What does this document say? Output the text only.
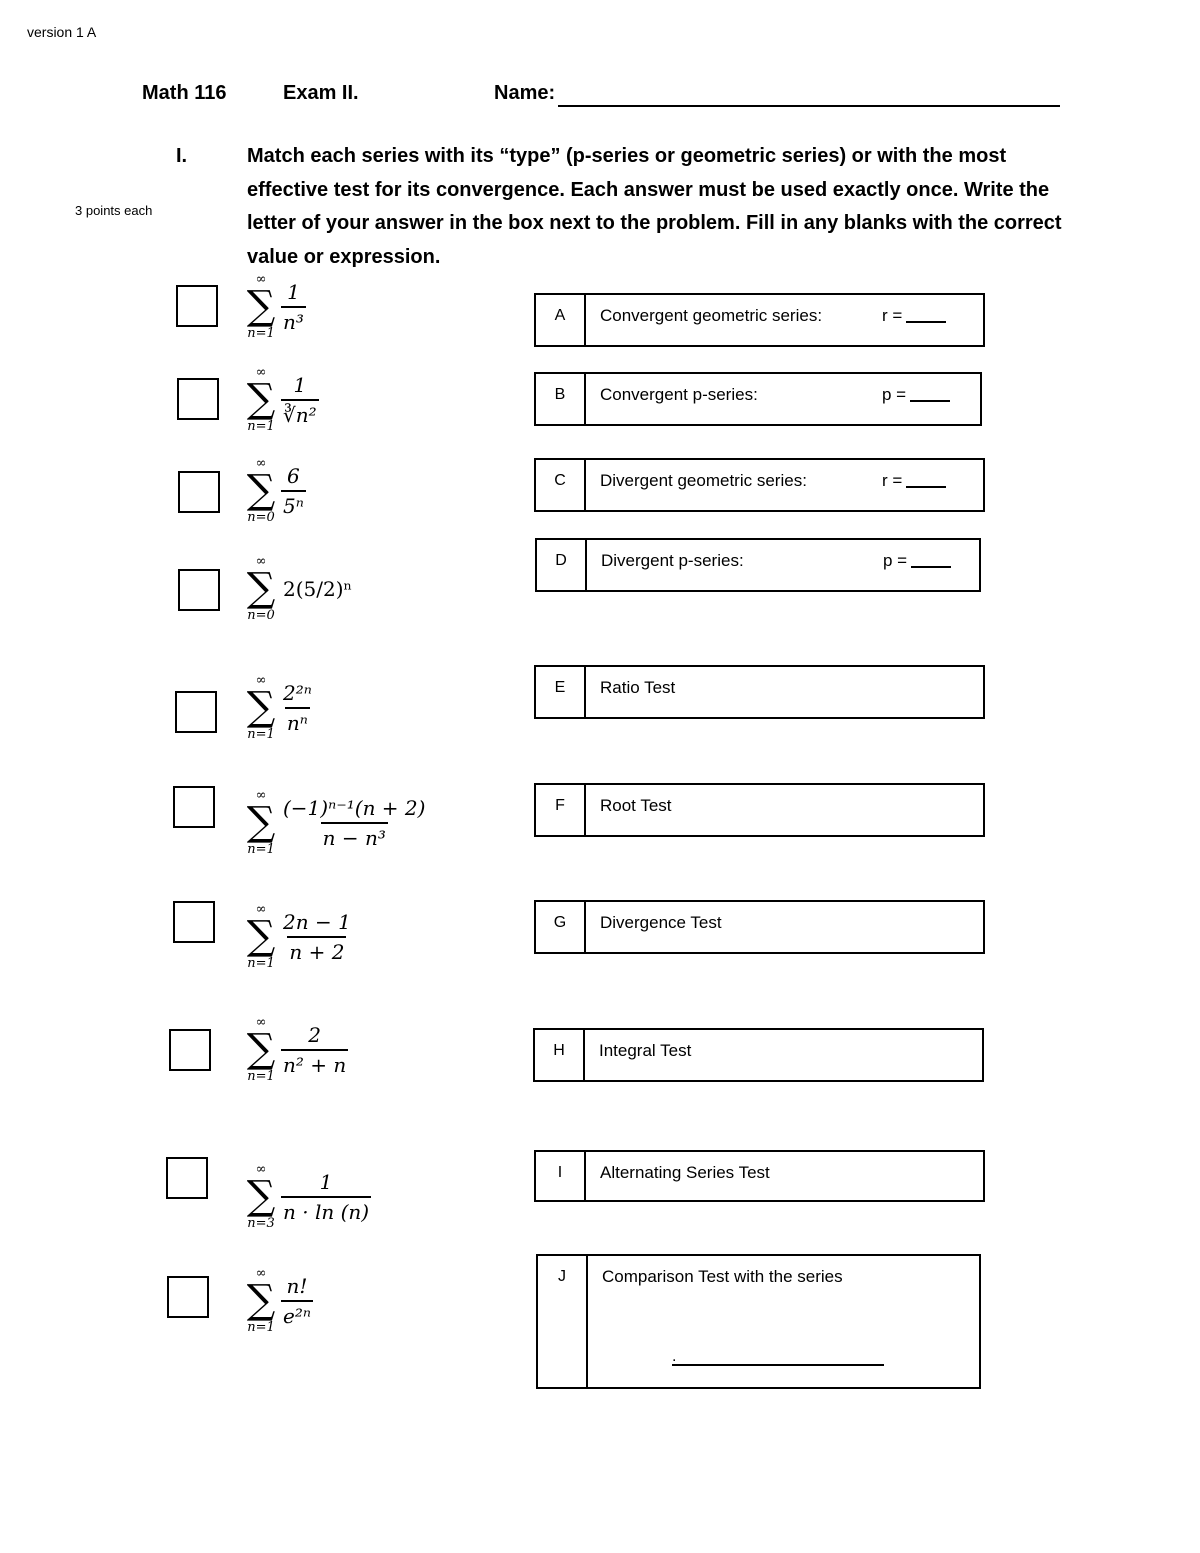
version 1 A
Math 116	Exam II.	Name:
I.
3 points each
Match each series with its “type” (p-series or geometric series) or with the most effective test for its convergence. Each answer must be used exactly once. Write the letter of your answer in the box next to the problem. Fill in any blanks with the correct value or expression.
∞
∑
$n=1 \frac{1}{\text{n³}}$
∞
∑
$n=1 \frac{1}{\text{∛n²}}$
∞
∑
$n=0 \frac{6}{\text{5ⁿ}}$
∞
∑
n=0
2(5/2)ⁿ
∞
∑
$n=1 \frac{\text{2²ⁿ}}{\text{nⁿ}}$
∞
∑
$n=1 \frac{\text{(−1)ⁿ⁻¹(n + 2)}}{\text{n − n³}}$
∞
∑
$n=1 \frac{2n - 1}{n + 2}$
∞
∑
$n=1 \frac{2}{\text{n² + n}}$
∞
∑
$n=3 \frac{1}{n \cdot \ln (n)}$
∞
∑
$n=1 \frac{n!}{\text{e²ⁿ}}$
A	Convergent geometric series:	r =
B	Convergent p-series:	p =
C	Divergent geometric series:	r =
D	Divergent p-series:	p =
E	Ratio Test
F	Root Test
G	Divergence Test
H	Integral Test
I	Alternating Series Test
J	Comparison Test with the series
.
